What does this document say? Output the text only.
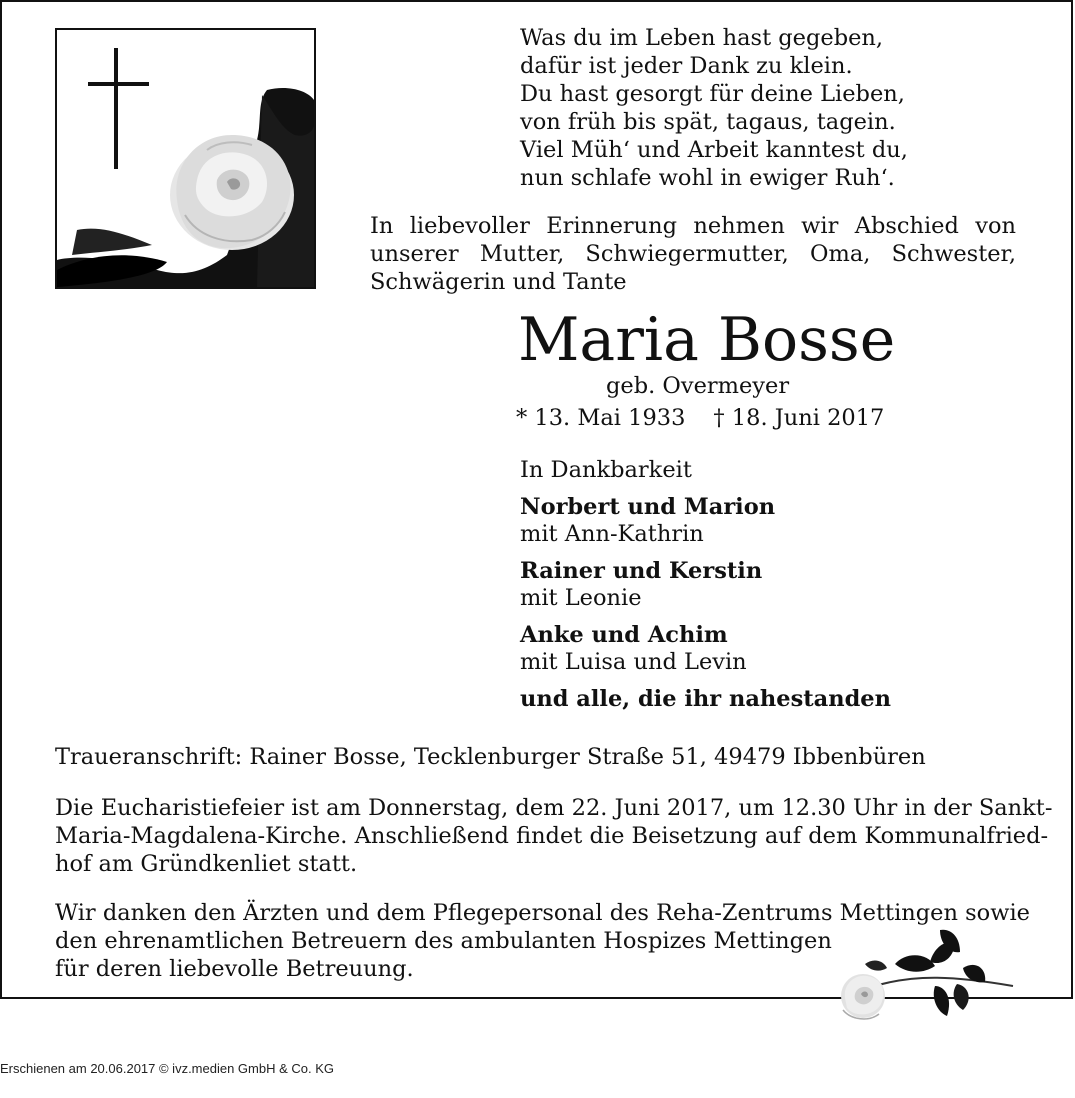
Was du im Leben hast gegeben,
dafür ist jeder Dank zu klein.
Du hast gesorgt für deine Lieben,
von früh bis spät, tagaus, tagein.
Viel Müh‘ und Arbeit kanntest du,
nun schlafe wohl in ewiger Ruh‘.
In liebevoller Erinnerung nehmen wir Abschied von unserer Mutter, Schwiegermutter, Oma, Schwester, Schwägerin und Tante
Maria Bosse
geb. Overmeyer
* 13. Mai 1933 † 18. Juni 2017
In Dankbarkeit
Norbert und Marion
mit Ann-Kathrin
Rainer und Kerstin
mit Leonie
Anke und Achim
mit Luisa und Levin
und alle, die ihr nahestanden
Traueranschrift: Rainer Bosse, Tecklenburger Straße 51, 49479 Ibbenbüren
Die Eucharistiefeier ist am Donnerstag, dem 22. Juni 2017, um 12.30 Uhr in der Sankt-
Maria-Magdalena-Kirche. Anschließend findet die Beisetzung auf dem Kommunalfried-
hof am Gründkenliet statt.
Wir danken den Ärzten und dem Pflegepersonal des Reha-Zentrums Mettingen sowie
den ehrenamtlichen Betreuern des ambulanten Hospizes Mettingen
für deren liebevolle Betreuung.
Erschienen am 20.06.2017 © ivz.medien GmbH & Co. KG
